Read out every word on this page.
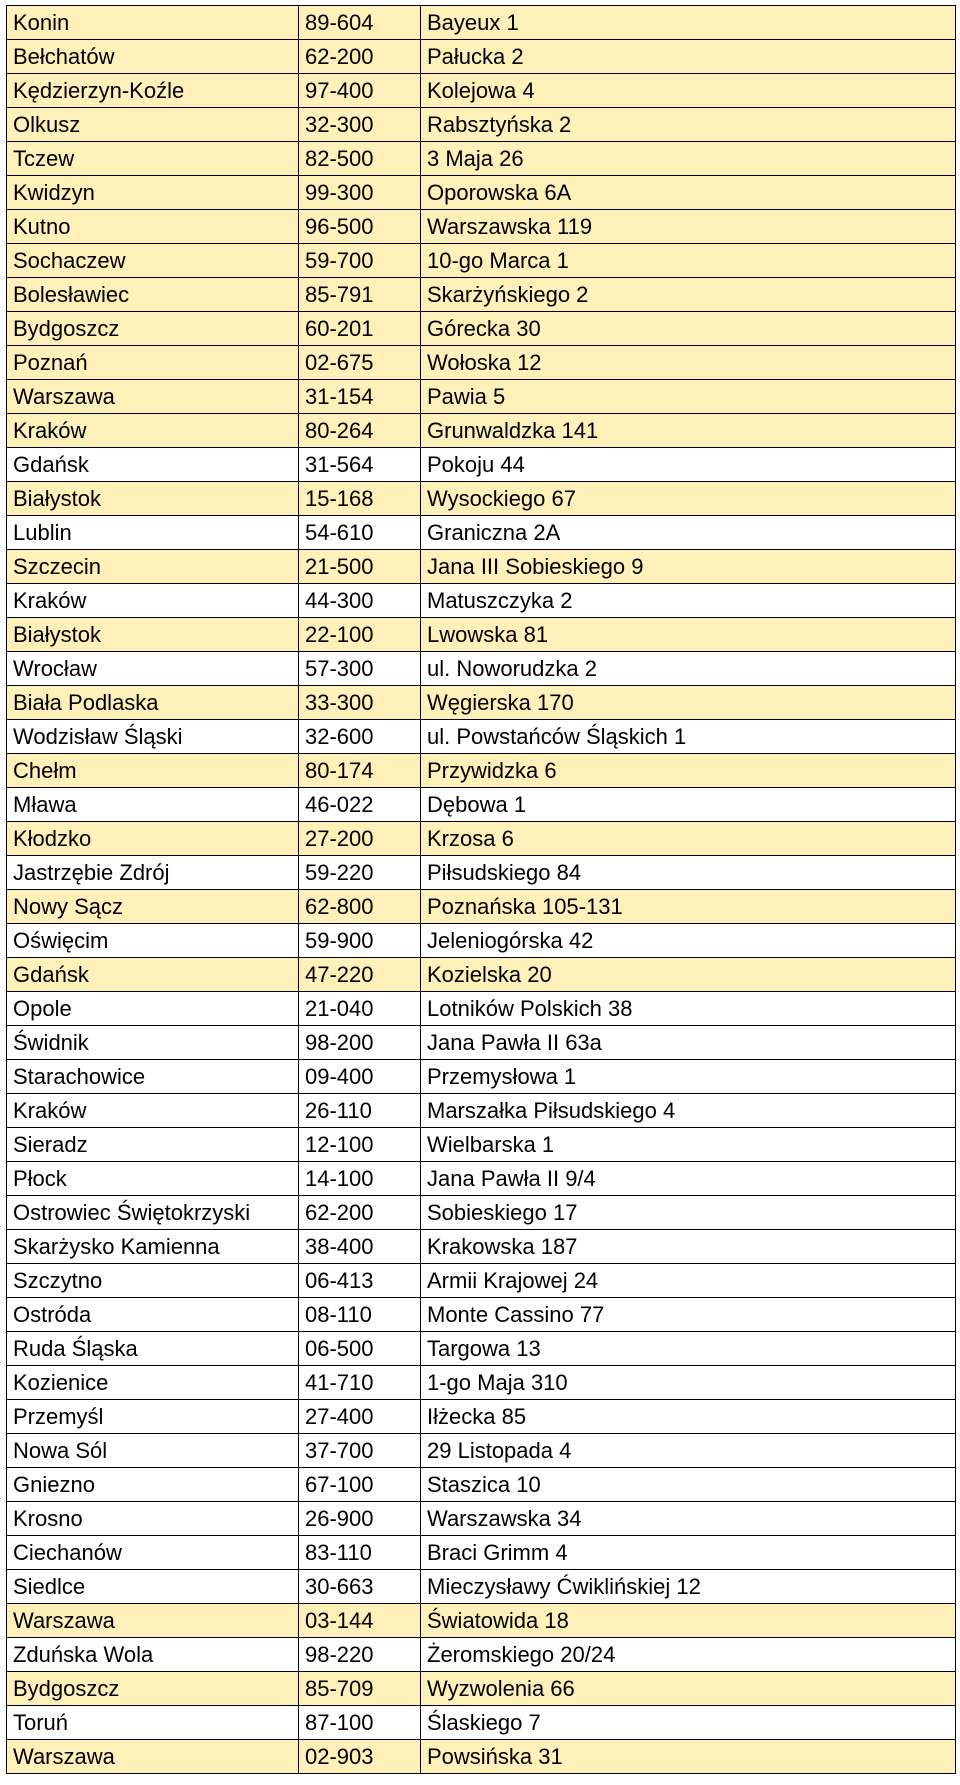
Konin	89-604	Bayeux 1
Bełchatów	62-200	Pałucka 2
Kędzierzyn-Koźle	97-400	Kolejowa 4
Olkusz	32-300	Rabsztyńska 2
Tczew	82-500	3 Maja 26
Kwidzyn	99-300	Oporowska 6A
Kutno	96-500	Warszawska 119
Sochaczew	59-700	10-go Marca 1
Bolesławiec	85-791	Skarżyńskiego 2
Bydgoszcz	60-201	Górecka 30
Poznań	02-675	Wołoska 12
Warszawa	31-154	Pawia 5
Kraków	80-264	Grunwaldzka 141
Gdańsk	31-564	Pokoju 44
Białystok	15-168	Wysockiego 67
Lublin	54-610	Graniczna 2A
Szczecin	21-500	Jana III Sobieskiego 9
Kraków	44-300	Matuszczyka 2
Białystok	22-100	Lwowska 81
Wrocław	57-300	ul. Noworudzka 2
Biała Podlaska	33-300	Węgierska 170
Wodzisław Śląski	32-600	ul. Powstańców Śląskich 1
Chełm	80-174	Przywidzka 6
Mława	46-022	Dębowa 1
Kłodzko	27-200	Krzosa 6
Jastrzębie Zdrój	59-220	Piłsudskiego 84
Nowy Sącz	62-800	Poznańska 105-131
Oświęcim	59-900	Jeleniogórska 42
Gdańsk	47-220	Kozielska 20
Opole	21-040	Lotników Polskich 38
Świdnik	98-200	Jana Pawła II 63a
Starachowice	09-400	Przemysłowa 1
Kraków	26-110	Marszałka Piłsudskiego 4
Sieradz	12-100	Wielbarska 1
Płock	14-100	Jana Pawła II 9/4
Ostrowiec Świętokrzyski	62-200	Sobieskiego 17
Skarżysko Kamienna	38-400	Krakowska 187
Szczytno	06-413	Armii Krajowej 24
Ostróda	08-110	Monte Cassino 77
Ruda Śląska	06-500	Targowa 13
Kozienice	41-710	1-go Maja 310
Przemyśl	27-400	Iłżecka 85
Nowa Sól	37-700	29 Listopada 4
Gniezno	67-100	Staszica 10
Krosno	26-900	Warszawska 34
Ciechanów	83-110	Braci Grimm 4
Siedlce	30-663	Mieczysławy Ćwiklińskiej 12
Warszawa	03-144	Światowida 18
Zduńska Wola	98-220	Żeromskiego 20/24
Bydgoszcz	85-709	Wyzwolenia 66
Toruń	87-100	Ślaskiego 7
Warszawa	02-903	Powsińska 31
